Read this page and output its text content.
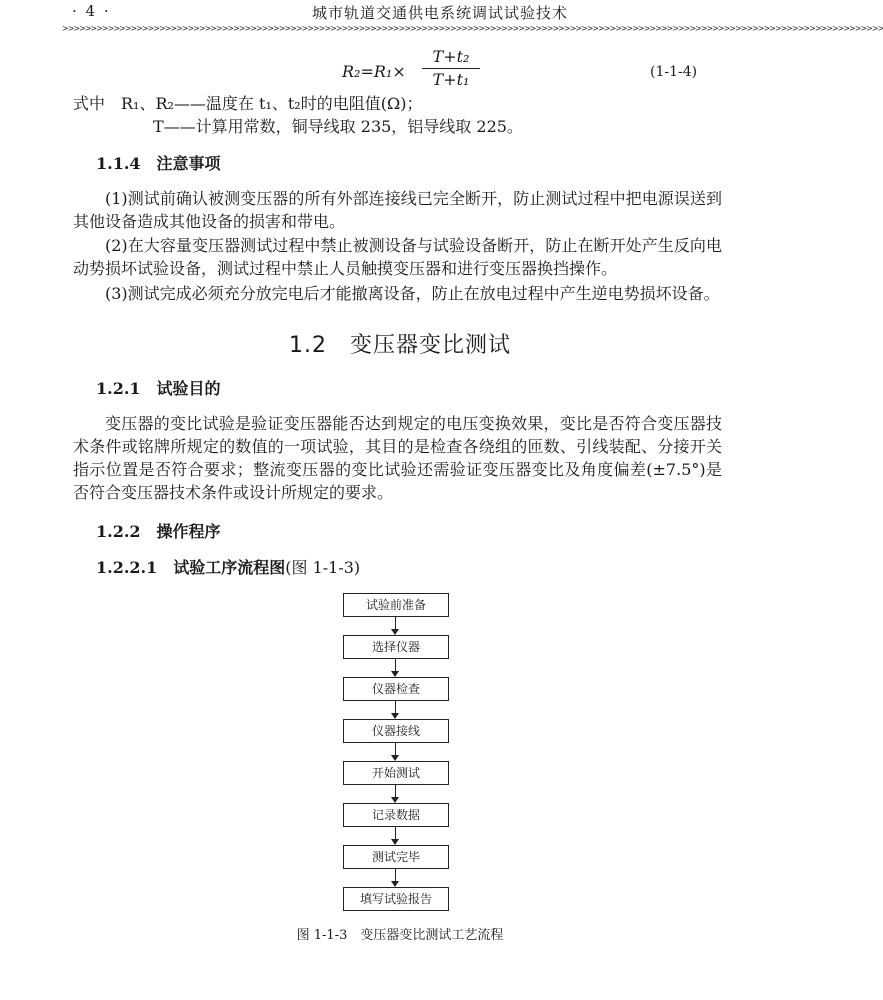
· 4 ·	城市轨道交通供电系统调试试验技术
>>>>>>>>>>>>>>>>>>>>>>>>>>>>>>>>>>>>>>>>>>>>>>>>>>>>>>>>>>>>>>>>>>>>>>>>>>>>>>>>>>>>>>>>>>>>>>>>>>>>>>>>>>>>>>>>>>>>>>>>>>>>>>>>>>>>>>>>>>>>>>>>
R₂=R₁×
T+t₂
T+t₁	(1-1-4)
式中　R₁、R₂——温度在 t₁、t₂时的电阻值(Ω)；
T——计算用常数，铜导线取 235，铝导线取 225。
1.1.4　注意事项
(1)测试前确认被测变压器的所有外部连接线已完全断开，防止测试过程中把电源误送到其他设备造成其他设备的损害和带电。
(2)在大容量变压器测试过程中禁止被测设备与试验设备断开，防止在断开处产生反向电动势损坏试验设备，测试过程中禁止人员触摸变压器和进行变压器换挡操作。
(3)测试完成必须充分放完电后才能撤离设备，防止在放电过程中产生逆电势损坏设备。
1.2　变压器变比测试
1.2.1　试验目的
变压器的变比试验是验证变压器能否达到规定的电压变换效果，变比是否符合变压器技术条件或铭牌所规定的数值的一项试验，其目的是检查各绕组的匝数、引线装配、分接开关指示位置是否符合要求；整流变压器的变比试验还需验证变压器变比及角度偏差(±7.5°)是否符合变压器技术条件或设计所规定的要求。
1.2.2　操作程序
1.2.2.1　试验工序流程图(图 1-1-3)
试验前准备
选择仪器
仪器检查
仪器接线
开始测试
记录数据
测试完毕
填写试验报告
图 1-1-3　变压器变比测试工艺流程
